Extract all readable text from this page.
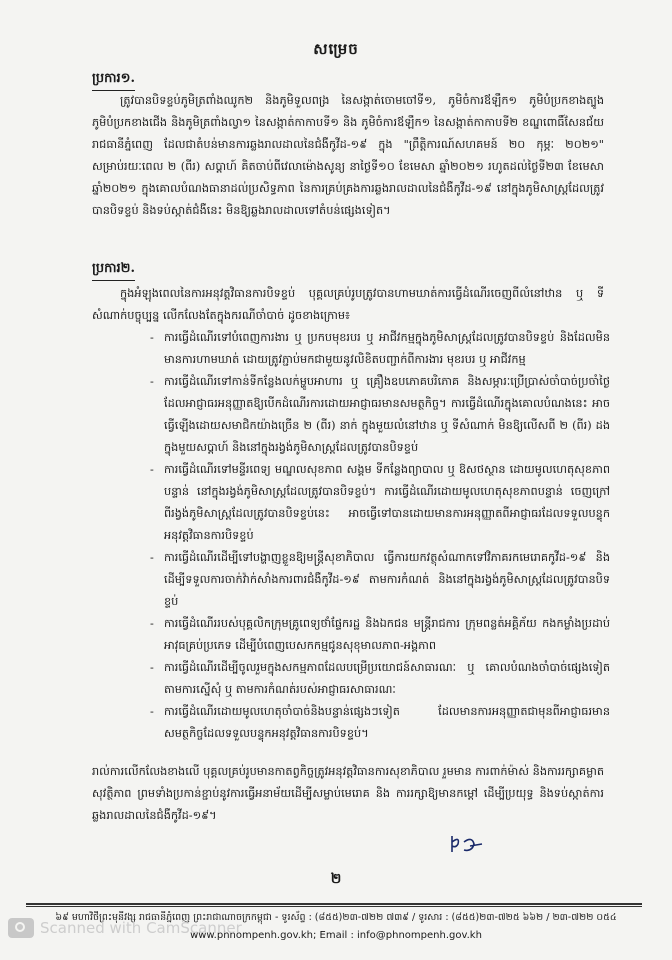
សម្រេច
ប្រការ១.
ត្រូវបានបិទខ្ទប់ភូមិត្រពាំងឈូក២ និងភូមិទួលពង្រ នៃសង្កាត់ចោមចៅទី១, ភូមិចំការឪឡឹក១ ភូមិបំប្រកខាងត្បូង ភូមិបំប្រកខាងជើង និងភូមិត្រពាំងល្វា១ នៃសង្កាត់កាកាបទី១ និង ភូមិចំការឪឡឹក១ នៃសង្កាត់កាកាបទី២ ខណ្ឌពោធិ៍សែនជ័យ រាជធានីភ្នំពេញ ដែលជាតំបន់មានការឆ្លងរាលដាលនៃជំងឺកូវីដ-១៩ ក្នុង "ព្រឹត្តិការណ៍សហគមន៍ ២០ កុម្ភៈ ២០២១" សម្រាប់រយៈពេល ២ (ពីរ) សប្តាហ៍ គិតចាប់ពីវេលាម៉ោងសូន្យ នាថ្ងៃទី១០ ខែមេសា ឆ្នាំ២០២១ រហូតដល់ថ្ងៃទី២៣ ខែមេសា ឆ្នាំ២០២១ ក្នុងគោលបំណងធានាដល់ប្រសិទ្ធភាព នៃការគ្រប់គ្រងការឆ្លងរាលដាលនៃជំងឺកូវីដ-១៩ នៅក្នុងភូមិសាស្ត្រដែលត្រូវបានបិទខ្ទប់ និងទប់ស្កាត់ជំងឺនេះ មិនឱ្យឆ្លងរាលដាលទៅតំបន់ផ្សេងទៀត។
ប្រការ២.
ក្នុងអំឡុងពេលនៃការអនុវត្តវិធានការបិទខ្ទប់ បុគ្គលគ្រប់រូបត្រូវបានហាមឃាត់ការធ្វើដំណើរចេញពីលំនៅឋាន ឬ ទីសំណាក់បច្ចុប្បន្ន លើកលែងតែក្នុងករណីចាំបាច់ ដូចខាងក្រោម៖
- ការធ្វើដំណើរទៅបំពេញការងារ ឬ ប្រកបមុខរបរ ឬ អាជីវកម្មក្នុងភូមិសាស្ត្រដែលត្រូវបានបិទខ្ទប់ និងដែលមិនមានការហាមឃាត់ ដោយត្រូវភ្ជាប់មកជាមួយនូវលិខិតបញ្ជាក់ពីការងារ មុខរបរ ឬ អាជីវកម្ម
- ការធ្វើដំណើរទៅកាន់ទីកន្លែងលក់ម្ហូបអាហារ ឬ គ្រឿងឧបភោគបរិភោគ និងសម្ភារៈប្រើប្រាស់ចាំបាច់ប្រចាំថ្ងៃ ដែលអាជ្ញាធរអនុញ្ញាតឱ្យបើកដំណើរការដោយអាជ្ញាធរមានសមត្ថកិច្ច។ ការធ្វើដំណើរក្នុងគោលបំណងនេះ អាចធ្វើឡើងដោយសមាជិកយ៉ាងច្រើន ២ (ពីរ) នាក់ ក្នុងមួយលំនៅឋាន ឬ ទីសំណាក់ មិនឱ្យលើសពី ២ (ពីរ) ដង ក្នុងមួយសប្តាហ៍ និងនៅក្នុងរង្វង់ភូមិសាស្ត្រដែលត្រូវបានបិទខ្ទប់
- ការធ្វើដំណើរទៅមន្ទីរពេទ្យ មណ្ឌលសុខភាព សង្គម ទីកន្លែងព្យាបាល ឬ ឱសថស្ថាន ដោយមូលហេតុសុខភាពបន្ទាន់ នៅក្នុងរង្វង់ភូមិសាស្ត្រដែលត្រូវបានបិទខ្ទប់។ ការធ្វើដំណើរដោយមូលហេតុសុខភាពបន្ទាន់ ចេញក្រៅពីរង្វង់ភូមិសាស្ត្រដែលត្រូវបានបិទខ្ទប់នេះ អាចធ្វើទៅបានដោយមានការអនុញ្ញាតពីអាជ្ញាធរដែលទទួលបន្ទុកអនុវត្តវិធានការបិទខ្ទប់
- ការធ្វើដំណើរដើម្បីទៅបង្ហាញខ្លួនឱ្យមន្ត្រីសុខាភិបាល ធ្វើការយកវត្ថុសំណាកទៅវិភាគរកមេរោគកូវីដ-១៩ និងដើម្បីទទួលការចាក់វ៉ាក់សាំងការពារជំងឺកូវីដ-១៩ តាមការកំណត់ និងនៅក្នុងរង្វង់ភូមិសាស្ត្រដែលត្រូវបានបិទខ្ទប់
- ការធ្វើដំណើររបស់បុគ្គលិកក្រុមគ្រូពេទ្យថាំផ្ទែករដ្ឋ និងឯកជន មន្ត្រីរាជការ ក្រុមពន្លត់អគ្គិភ័យ កងកម្លាំងប្រដាប់អាវុធគ្រប់ប្រភេទ ដើម្បីបំពេញបេសកកម្មជូនសុខុមាលភាព-អង្គភាព
- ការធ្វើដំណើរដើម្បីចូលរួមក្នុងសកម្មភាពដែលបម្រើប្រយោជន៍សាធារណៈ ឬ គោលបំណងចាំបាច់ផ្សេងទៀត តាមការស្នើសុំ ឬ តាមការកំណត់របស់អាជ្ញាធរសាធារណៈ
- ការធ្វើដំណើរដោយមូលហេតុចាំបាច់និងបន្ទាន់ផ្សេងៗទៀត ដែលមានការអនុញ្ញាតជាមុនពីអាជ្ញាធរមានសមត្ថកិច្ចដែលទទួលបន្ទុកអនុវត្តវិធានការបិទខ្ទប់។
រាល់ការលើកលែងខាងលើ បុគ្គលគ្រប់រូបមានកាតព្វកិច្ចត្រូវអនុវត្តវិធានការសុខាភិបាល រួមមាន ការពាក់ម៉ាស់ និងការរក្សាគម្លាតសុវត្ថិភាព ព្រមទាំងប្រកាន់ខ្ជាប់នូវការធ្វើអនាម័យដើម្បីសម្លាប់មេរោគ និង ការរក្សាឱ្យមានកម្ដៅ ដើម្បីប្រយុទ្ធ និងទប់ស្កាត់ការឆ្លងរាលដាលនៃជំងឺកូវីដ-១៩។
២
៦៩ មហាវិថីព្រះមុនីវង្ស រាជធានីភ្នំពេញ ព្រះរាជាណាចក្រកម្ពុជា - ទូរស័ព្ទ : (៨៥៥)២៣-៧២២ ៧៣៩ / ទូរសារ : (៨៥៥)២៣-៧២៥ ៦៦២ / ២៣-៧២២ ០៥៤
www.phnompenh.gov.kh; Email : info@phnompenh.gov.kh
Scanned with CamScanner
